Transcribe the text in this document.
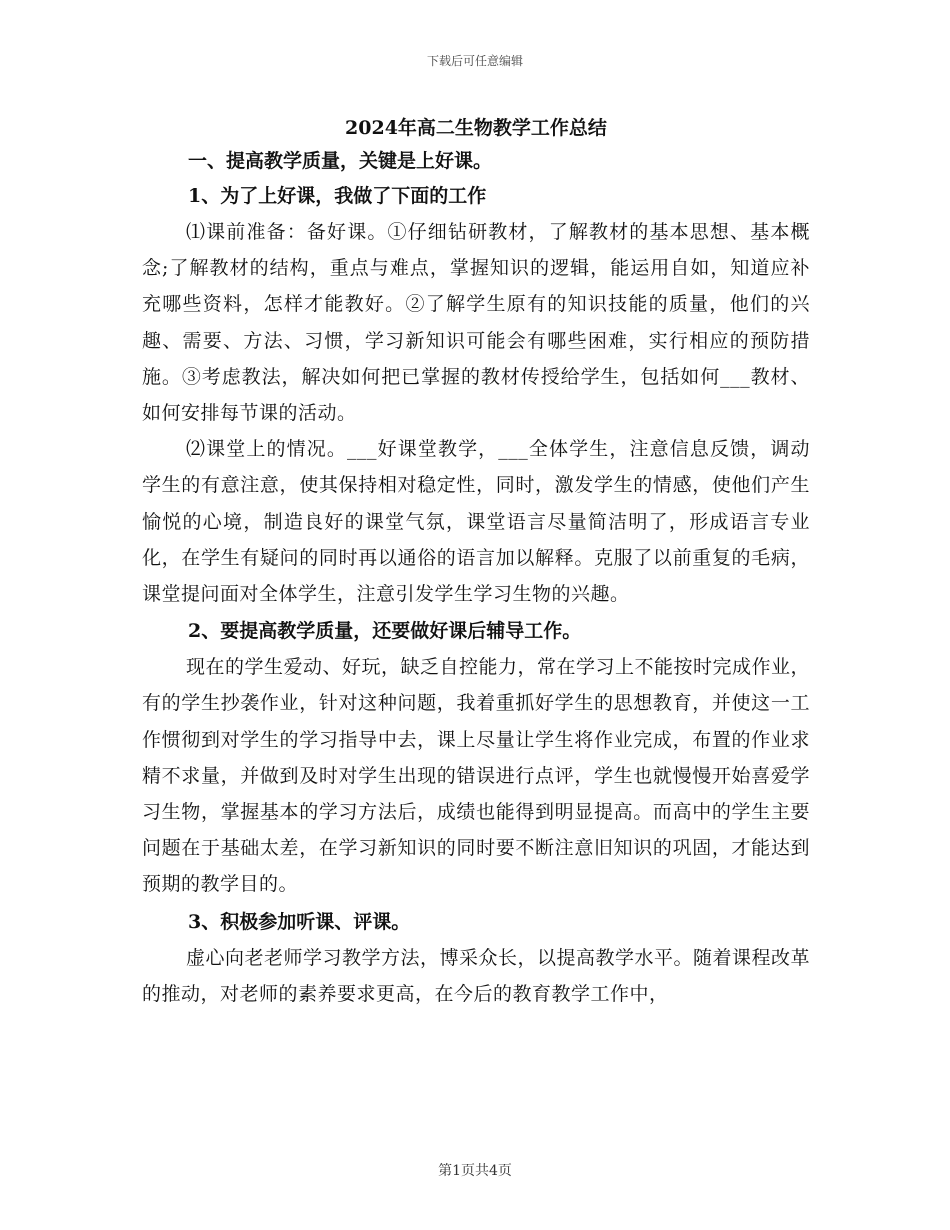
下载后可任意编辑
2024年高二生物教学工作总结

一、提高教学质量，关键是上好课。

1、为了上好课，我做了下面的工作

⑴课前准备：备好课。①仔细钻研教材，了解教材的基本思想、基本概念;了解教材的结构，重点与难点，掌握知识的逻辑，能运用自如，知道应补充哪些资料，怎样才能教好。②了解学生原有的知识技能的质量，他们的兴趣、需要、方法、习惯，学习新知识可能会有哪些困难，实行相应的预防措施。③考虑教法，解决如何把已掌握的教材传授给学生，包括如何___教材、如何安排每节课的活动。

⑵课堂上的情况。___好课堂教学，___全体学生，注意信息反馈，调动学生的有意注意，使其保持相对稳定性，同时，激发学生的情感，使他们产生愉悦的心境，制造良好的课堂气氛，课堂语言尽量简洁明了，形成语言专业化，在学生有疑问的同时再以通俗的语言加以解释。克服了以前重复的毛病，课堂提问面对全体学生，注意引发学生学习生物的兴趣。

2、要提高教学质量，还要做好课后辅导工作。

现在的学生爱动、好玩，缺乏自控能力，常在学习上不能按时完成作业，有的学生抄袭作业，针对这种问题，我着重抓好学生的思想教育，并使这一工作惯彻到对学生的学习指导中去，课上尽量让学生将作业完成，布置的作业求精不求量，并做到及时对学生出现的错误进行点评，学生也就慢慢开始喜爱学习生物，掌握基本的学习方法后，成绩也能得到明显提高。而高中的学生主要问题在于基础太差，在学习新知识的同时要不断注意旧知识的巩固，才能达到预期的教学目的。

3、积极参加听课、评课。

虚心向老老师学习教学方法，博采众长，以提高教学水平。随着课程改革的推动，对老师的素养要求更高，在今后的教育教学工作中，

第1页共4页
